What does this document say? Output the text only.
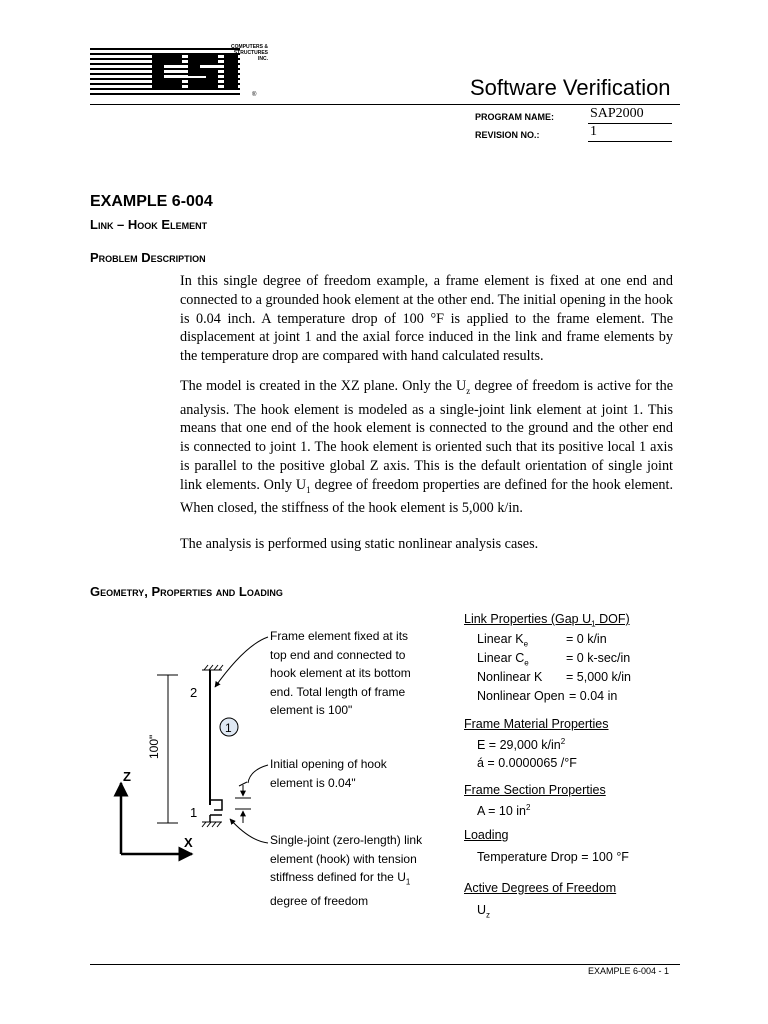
COMPUTERS &
STRUCTURES
INC.
®	Software Verification
PROGRAM NAME:	SAP2000
REVISION NO.:	1
EXAMPLE 6-004
Link – Hook Element
Problem Description
In this single degree of freedom example, a frame element is fixed at one end and connected to a grounded hook element at the other end. The initial opening in the hook is 0.04 inch. A temperature drop of 100 °F is applied to the frame element. The displacement at joint 1 and the axial force induced in the link and frame elements by the temperature drop are compared with hand calculated results.
The model is created in the XZ plane. Only the $U_z$ degree of freedom is active for the analysis. The hook element is modeled as a single-joint link element at joint 1. This means that one end of the hook element is connected to the ground and the other end is connected to joint 1. The hook element is oriented such that its positive local 1 axis is parallel to the positive global Z axis. This is the default orientation of single joint link elements. Only $U_1$ degree of freedom properties are defined for the hook element. When closed, the stiffness of the hook element is 5,000 k/in.
The analysis is performed using static nonlinear analysis cases.
Geometry, Properties and Loading
2
1
1
100"
Z
X
Frame element fixed at its
top end and connected to
hook element at its bottom
end. Total length of frame
element is 100"
Initial opening of hook
element is 0.04"
Single-joint (zero-length) link
element (hook) with tension
stiffness defined for the $U_1$
degree of freedom
Link Properties (Gap $U_1$ DOF)
Linear $K_e$	= 0 k/in
Linear $C_e$	= 0 k-sec/in
Nonlinear K = 5,000 k/in
Nonlinear Open = 0.04 in
Frame Material Properties
E = 29,000 $k/in^2$
á = 0.0000065 /°F
Frame Section Properties
A = 10 $in^2$
Loading
Temperature Drop = 100 °F
Active Degrees of Freedom
$U_z$
EXAMPLE 6-004 - 1
